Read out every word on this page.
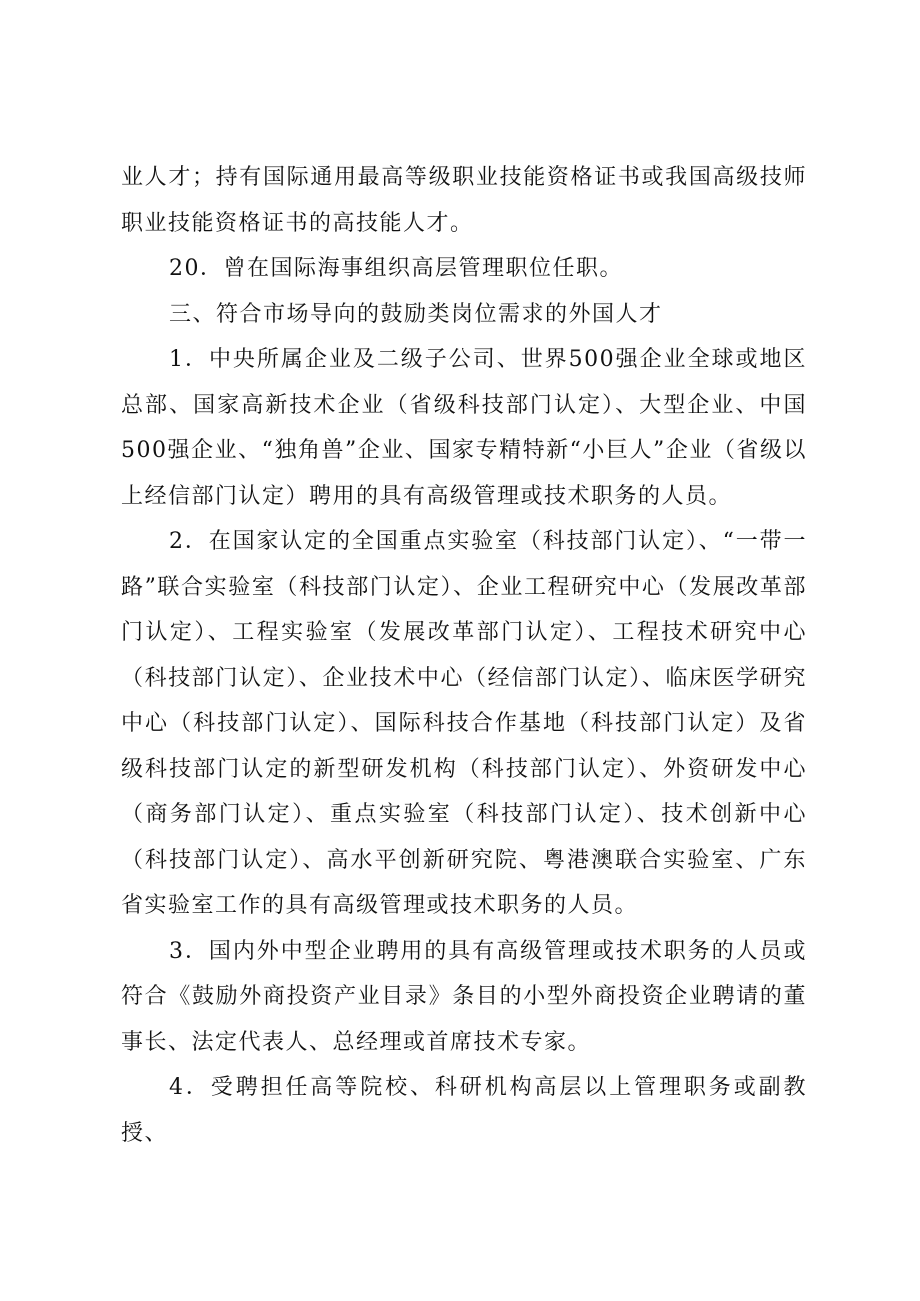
业人才；持有国际通用最高等级职业技能资格证书或我国高级技师职业技能资格证书的高技能人才。

20．曾在国际海事组织高层管理职位任职。

三、符合市场导向的鼓励类岗位需求的外国人才

1．中央所属企业及二级子公司、世界500强企业全球或地区总部、国家高新技术企业（省级科技部门认定）、大型企业、中国500强企业、“独角兽”企业、国家专精特新“小巨人”企业（省级以上经信部门认定）聘用的具有高级管理或技术职务的人员。

2．在国家认定的全国重点实验室（科技部门认定）、“一带一路”联合实验室（科技部门认定）、企业工程研究中心（发展改革部门认定）、工程实验室（发展改革部门认定）、工程技术研究中心（科技部门认定）、企业技术中心（经信部门认定）、临床医学研究中心（科技部门认定）、国际科技合作基地（科技部门认定）及省级科技部门认定的新型研发机构（科技部门认定）、外资研发中心（商务部门认定）、重点实验室（科技部门认定）、技术创新中心（科技部门认定）、高水平创新研究院、粤港澳联合实验室、广东省实验室工作的具有高级管理或技术职务的人员。

3．国内外中型企业聘用的具有高级管理或技术职务的人员或符合《鼓励外商投资产业目录》条目的小型外商投资企业聘请的董事长、法定代表人、总经理或首席技术专家。

4．受聘担任高等院校、科研机构高层以上管理职务或副教授、
